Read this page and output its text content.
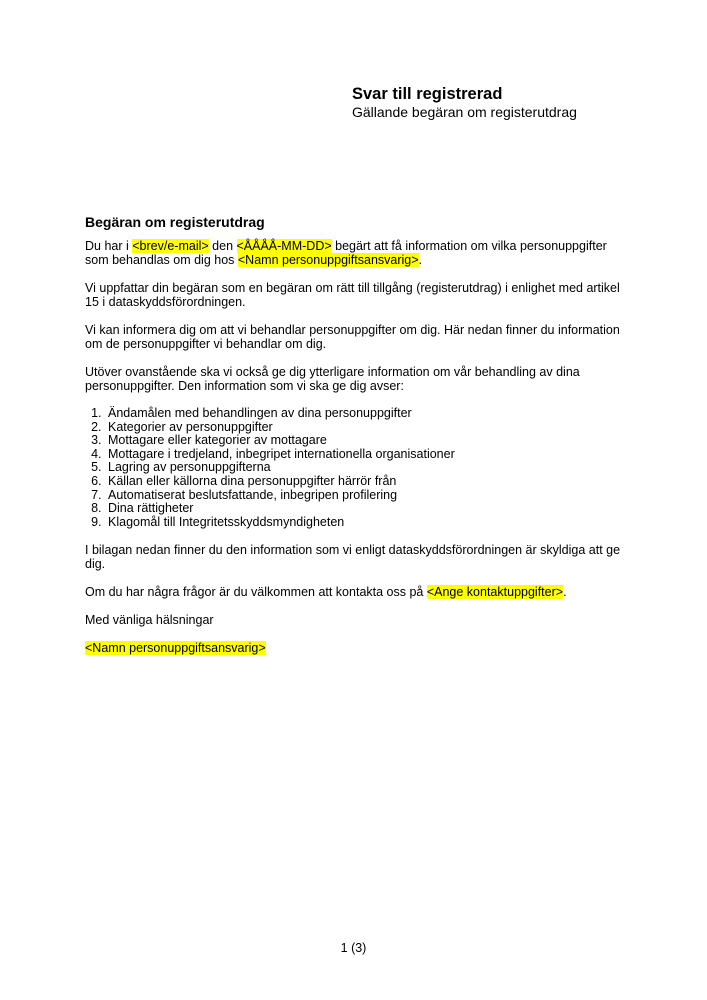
Svar till registrerad
Gällande begäran om registerutdrag
Begäran om registerutdrag

Du har i <brev/e-mail> den <ÅÅÅÅ-MM-DD> begärt att få information om vilka personuppgifter som behandlas om dig hos <Namn personuppgiftsansvarig>.

Vi uppfattar din begäran som en begäran om rätt till tillgång (registerutdrag) i enlighet med artikel 15 i dataskyddsförordningen.

Vi kan informera dig om att vi behandlar personuppgifter om dig. Här nedan finner du information om de personuppgifter vi behandlar om dig.

Utöver ovanstående ska vi också ge dig ytterligare information om vår behandling av dina personuppgifter. Den information som vi ska ge dig avser:

1. Ändamålen med behandlingen av dina personuppgifter
2. Kategorier av personuppgifter
3. Mottagare eller kategorier av mottagare
4. Mottagare i tredjeland, inbegripet internationella organisationer
5. Lagring av personuppgifterna
6. Källan eller källorna dina personuppgifter härrör från
7. Automatiserat beslutsfattande, inbegripen profilering
8. Dina rättigheter
9. Klagomål till Integritetsskyddsmyndigheten

I bilagan nedan finner du den information som vi enligt dataskyddsförordningen är skyldiga att ge dig.

Om du har några frågor är du välkommen att kontakta oss på <Ange kontaktuppgifter>.

Med vänliga hälsningar

<Namn personuppgiftsansvarig>

1 (3)
